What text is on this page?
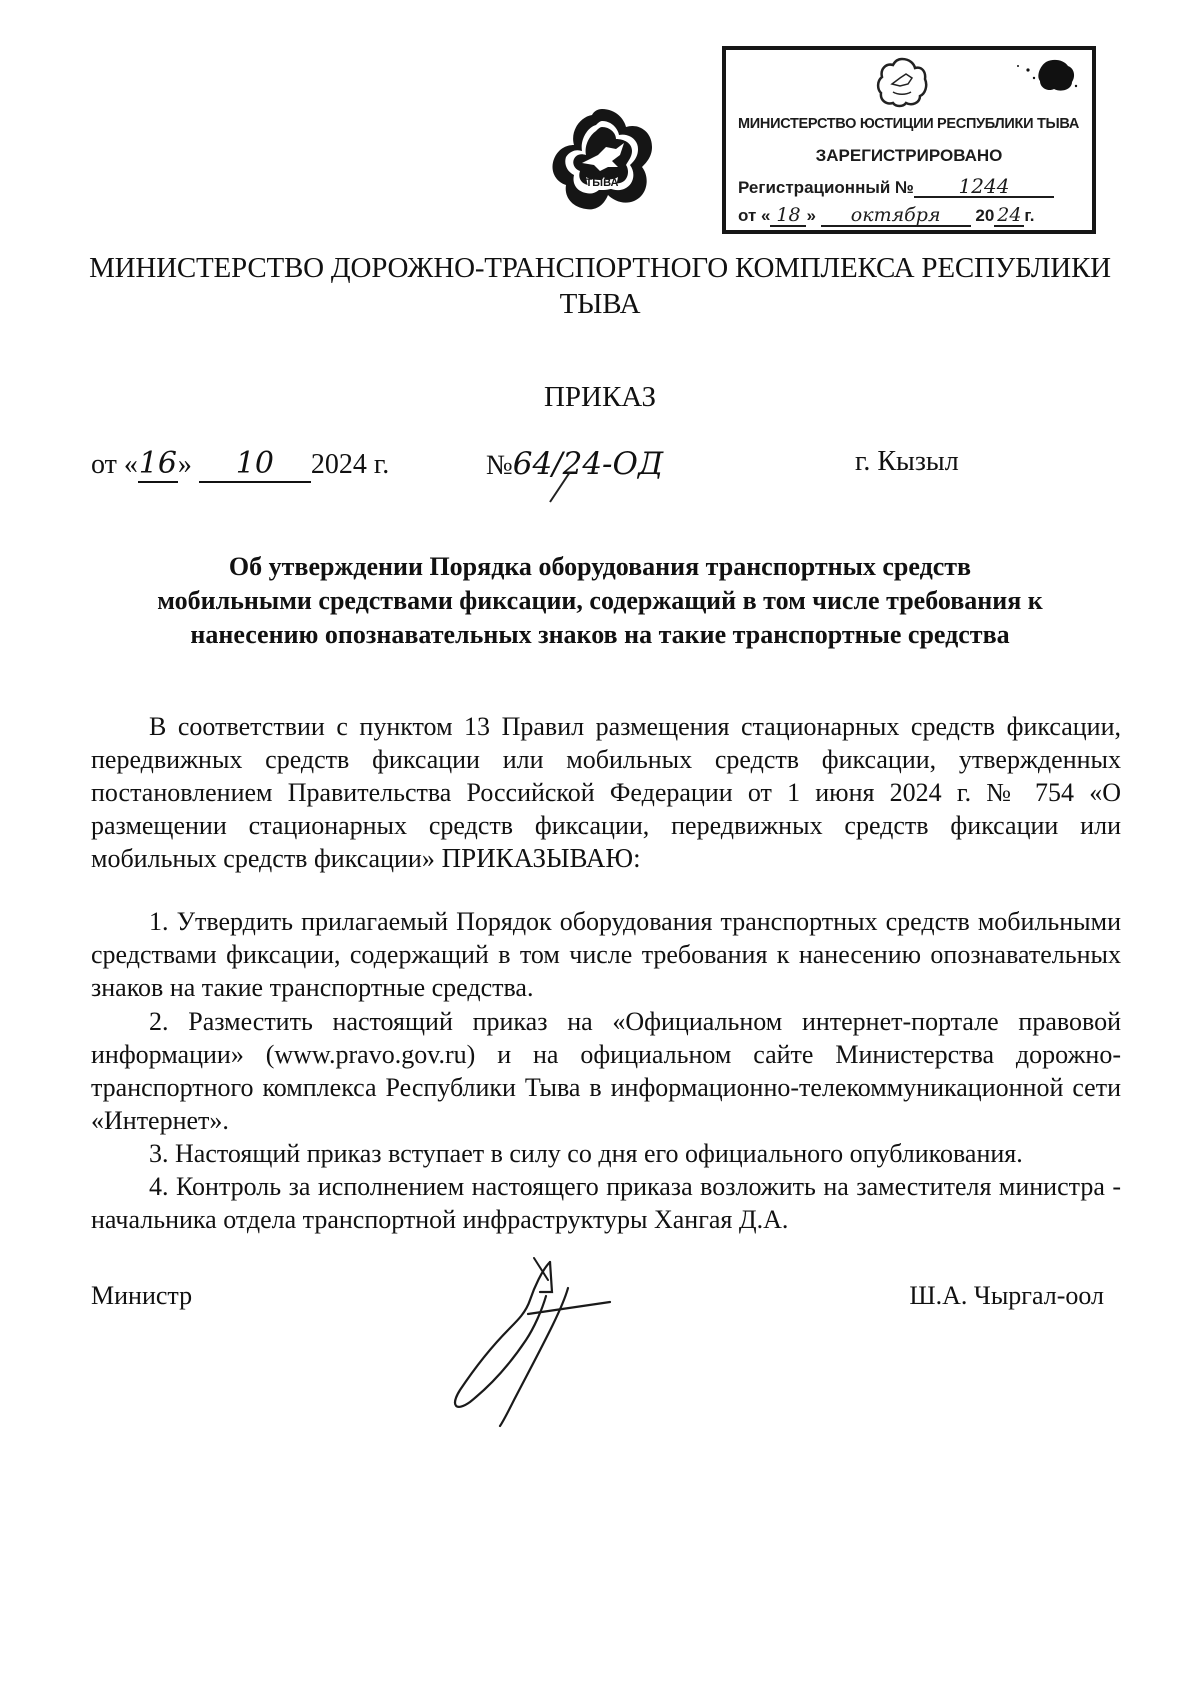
ТЫВА
МИНИСТЕРСТВО ЮСТИЦИИ РЕСПУБЛИКИ ТЫВА
ЗАРЕГИСТРИРОВАНО
Регистрационный № 1244
от « 18 » октября 20 24 г.
МИНИСТЕРСТВО ДОРОЖНО-ТРАНСПОРТНОГО КОМПЛЕКСА РЕСПУБЛИКИ
ТЫВА
ПРИКАЗ
от «16» 10 2024 г.	№64/24-ОД	г. Кызыл
Об утверждении Порядка оборудования транспортных средств
мобильными средствами фиксации, содержащий в том числе требования к
нанесению опознавательных знаков на такие транспортные средства
В соответствии с пунктом 13 Правил размещения стационарных средств фиксации, передвижных средств фиксации или мобильных средств фиксации, утвержденных постановлением Правительства Российской Федерации от 1 июня 2024 г. № 754 «О размещении стационарных средств фиксации, передвижных средств фиксации или мобильных средств фиксации» ПРИКАЗЫВАЮ:
1. Утвердить прилагаемый Порядок оборудования транспортных средств мобильными средствами фиксации, содержащий в том числе требования к нанесению опознавательных знаков на такие транспортные средства.
2. Разместить настоящий приказ на «Официальном интернет-портале правовой информации» (www.pravo.gov.ru) и на официальном сайте Министерства дорожно-транспортного комплекса Республики Тыва в информационно-телекоммуникационной сети «Интернет».
3. Настоящий приказ вступает в силу со дня его официального опубликования.
4. Контроль за исполнением настоящего приказа возложить на заместителя министра - начальника отдела транспортной инфраструктуры Хангая Д.А.
Министр	Ш.А. Чыргал-оол
